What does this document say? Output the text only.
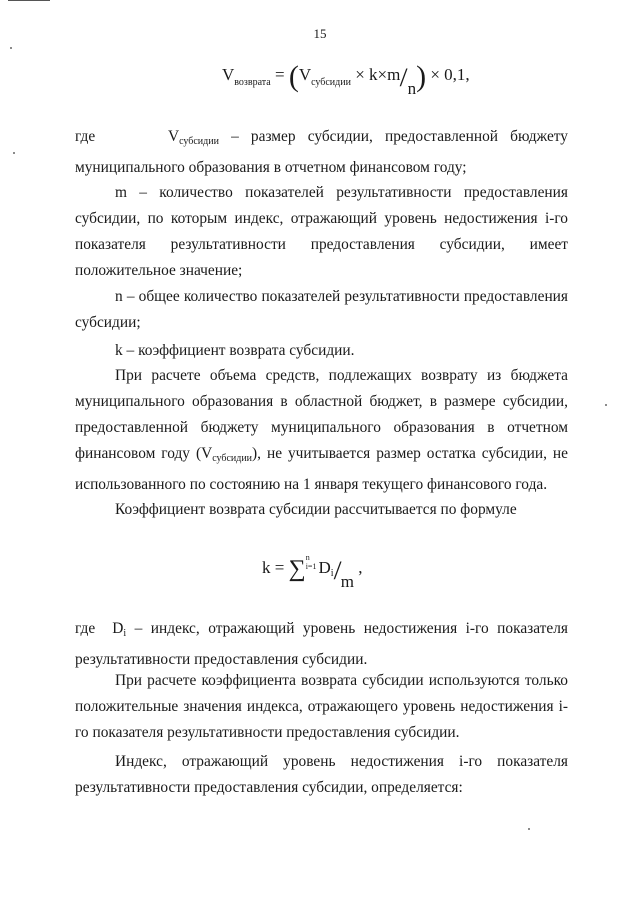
15
$V_{возврата} = (V_{субсидии} \times k\times m/n) \times 0,1$,

где	Vсубсидии – размер субсидии, предоставленной бюджету муниципального образования в отчетном финансовом году;

m – количество показателей результативности предоставления субсидии, по которым индекс, отражающий уровень недостижения i-го показателя результативности предоставления субсидии, имеет положительное значение;

n – общее количество показателей результативности предоставления субсидии;

k – коэффициент возврата субсидии.

При расчете объема средств, подлежащих возврату из бюджета муниципального образования в областной бюджет, в размере субсидии, предоставленной бюджету муниципального образования в отчетном финансовом году (Vсубсидии), не учитывается размер остатка субсидии, не использованного по состоянию на 1 января текущего финансового года.

Коэффициент возврата субсидии рассчитывается по формуле

k = ∑n
i=1 $D_i/m$ ,

где Di – индекс, отражающий уровень недостижения i-го показателя результативности предоставления субсидии.

При расчете коэффициента возврата субсидии используются только положительные значения индекса, отражающего уровень недостижения i-го показателя результативности предоставления субсидии.

Индекс, отражающий уровень недостижения i-го показателя результативности предоставления субсидии, определяется:
